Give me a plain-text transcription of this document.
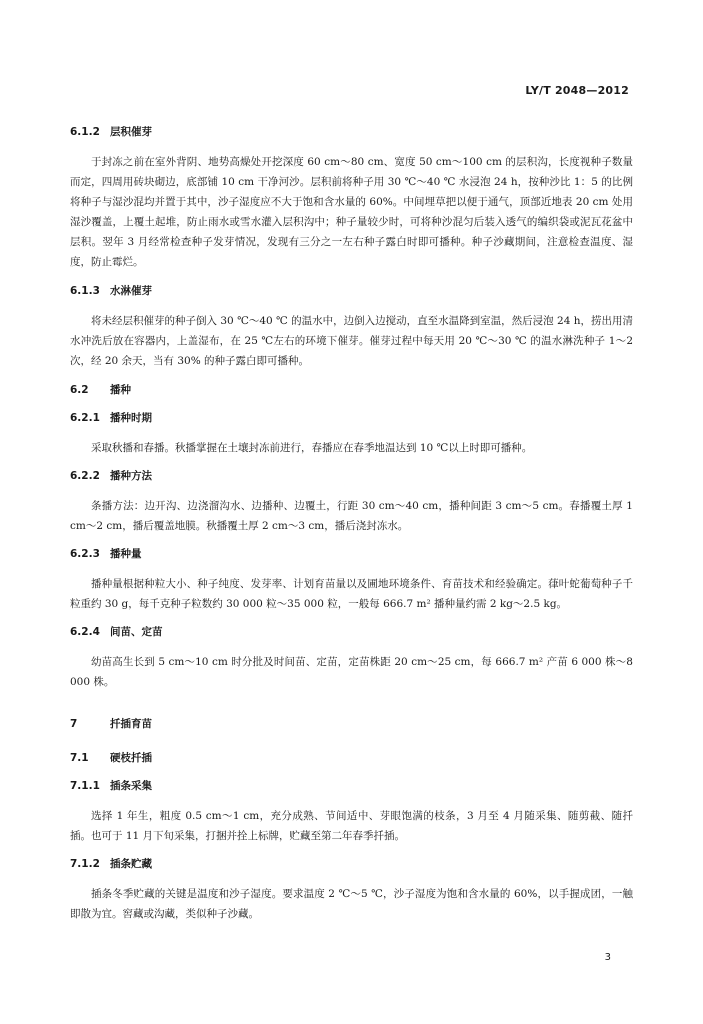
LY/T 2048—2012
6.1.2 层积催芽

于封冻之前在室外背阴、地势高燥处开挖深度 60 cm～80 cm、宽度 50 cm～100 cm 的层积沟，长度视种子数量而定，四周用砖块砌边，底部铺 10 cm 干净河沙。层积前将种子用 30 ℃～40 ℃ 水浸泡 24 h，按种沙比 1：5 的比例将种子与湿沙混均并置于其中，沙子湿度应不大于饱和含水量的 60%。中间埋草把以便于通气，顶部近地表 20 cm 处用湿沙覆盖，上覆土起堆，防止雨水或雪水灌入层积沟中；种子量较少时，可将种沙混匀后装入透气的编织袋或泥瓦花盆中层积。翌年 3 月经常检查种子发芽情况，发现有三分之一左右种子露白时即可播种。种子沙藏期间，注意检查温度、湿度，防止霉烂。

6.1.3 水淋催芽

将未经层积催芽的种子倒入 30 ℃～40 ℃ 的温水中，边倒入边搅动，直至水温降到室温，然后浸泡 24 h，捞出用清水冲洗后放在容器内，上盖湿布，在 25 ℃左右的环境下催芽。催芽过程中每天用 20 ℃～30 ℃ 的温水淋洗种子 1～2 次，经 20 余天，当有 30% 的种子露白即可播种。

6.2 播种
6.2.1 播种时期

采取秋播和春播。秋播掌握在土壤封冻前进行，春播应在春季地温达到 10 ℃以上时即可播种。

6.2.2 播种方法

条播方法：边开沟、边浇溜沟水、边播种、边覆土，行距 30 cm～40 cm，播种间距 3 cm～5 cm。春播覆土厚 1 cm～2 cm，播后覆盖地膜。秋播覆土厚 2 cm～3 cm，播后浇封冻水。

6.2.3 播种量

播种量根据种粒大小、种子纯度、发芽率、计划育苗量以及圃地环境条件、育苗技术和经验确定。葎叶蛇葡萄种子千粒重约 30 g，每千克种子粒数约 30 000 粒～35 000 粒，一般每 666.7 m² 播种量约需 2 kg～2.5 kg。

6.2.4 间苗、定苗

幼苗高生长到 5 cm～10 cm 时分批及时间苗、定苗，定苗株距 20 cm～25 cm，每 666.7 m² 产苗 6 000 株～8 000 株。

7	扦插育苗
7.1 硬枝扦插
7.1.1 插条采集

选择 1 年生，粗度 0.5 cm～1 cm，充分成熟、节间适中、芽眼饱满的枝条，3 月至 4 月随采集、随剪截、随扦插。也可于 11 月下旬采集，打捆并拴上标牌，贮藏至第二年春季扦插。

7.1.2 插条贮藏

插条冬季贮藏的关键是温度和沙子湿度。要求温度 2 ℃～5 ℃，沙子湿度为饱和含水量的 60%，以手握成团，一触即散为宜。窖藏或沟藏，类似种子沙藏。

3
